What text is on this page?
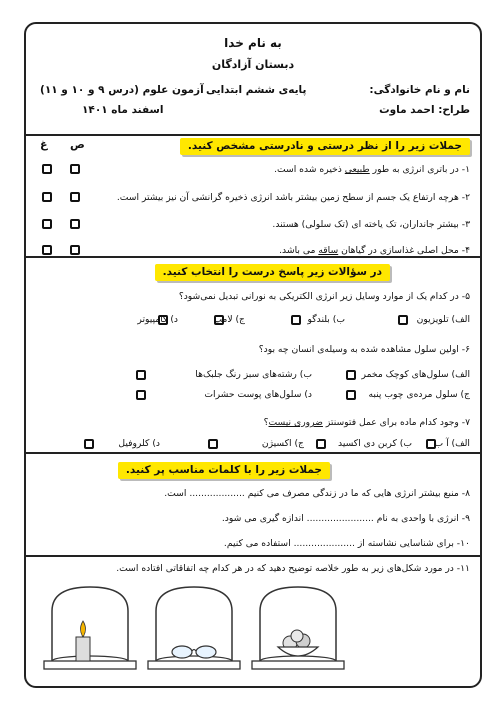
به نام خدا
دبستان آزادگان
نام و نام خانوادگی:
پایه‌ی ششم ابتدایی
آزمون علوم (درس ۹ و ۱۰ و ۱۱)
طراح: احمد ماوت
اسفند ماه ۱۴۰۱
جملات زیر را از نظر درستی و نادرستی مشخص کنید.
ص
غ
۱- در باتری انرژی به طور طبیعی ذخیره شده است.
۲- هرچه ارتفاع یک جسم از سطح زمین بیشتر باشد انرژی ذخیره گرانشی آن نیز بیشتر است.
۳- بیشتر جانداران، تک یاخته ای (تک سلولی) هستند.
۴- محل اصلی غذاسازی در گیاهان ساقه می باشد.
در سؤالات زیر پاسخ درست را انتخاب کنید.
۵- در کدام یک از موارد وسایل زیر انرژی الکتریکی به نورانی تبدیل نمی‌شود؟
الف) تلویزیون
ب) بلندگو
ج) لامپ
د) کامپیوتر
۶- اولین سلول مشاهده شده به وسیله‌ی انسان چه بود؟
الف) سلول‌های کوچک مخمر
ب) رشته‌های سبز رنگ جلبک‌ها
ج) سلول مرده‌ی چوب پنبه
د) سلول‌های پوست حشرات
۷- وجود کدام ماده برای عمل فتوسنتز ضروری نیست؟
الف) آ ب
ب) کربن دی اکسید
ج) اکسیژن
د) کلروفیل
جملات زیر را با کلمات مناسب پر کنید.
۸- منبع بیشتر انرژی هایی که ما در زندگی مصرف می کنیم ................... است.
۹- انرژی با واحدی به نام ....................... اندازه گیری می شود.
۱۰- برای شناسایی نشاسته از ..................... استفاده می کنیم.
۱۱- در مورد شکل‌های زیر به طور خلاصه توضیح دهید که در هر کدام چه اتفاقاتی افتاده است.
